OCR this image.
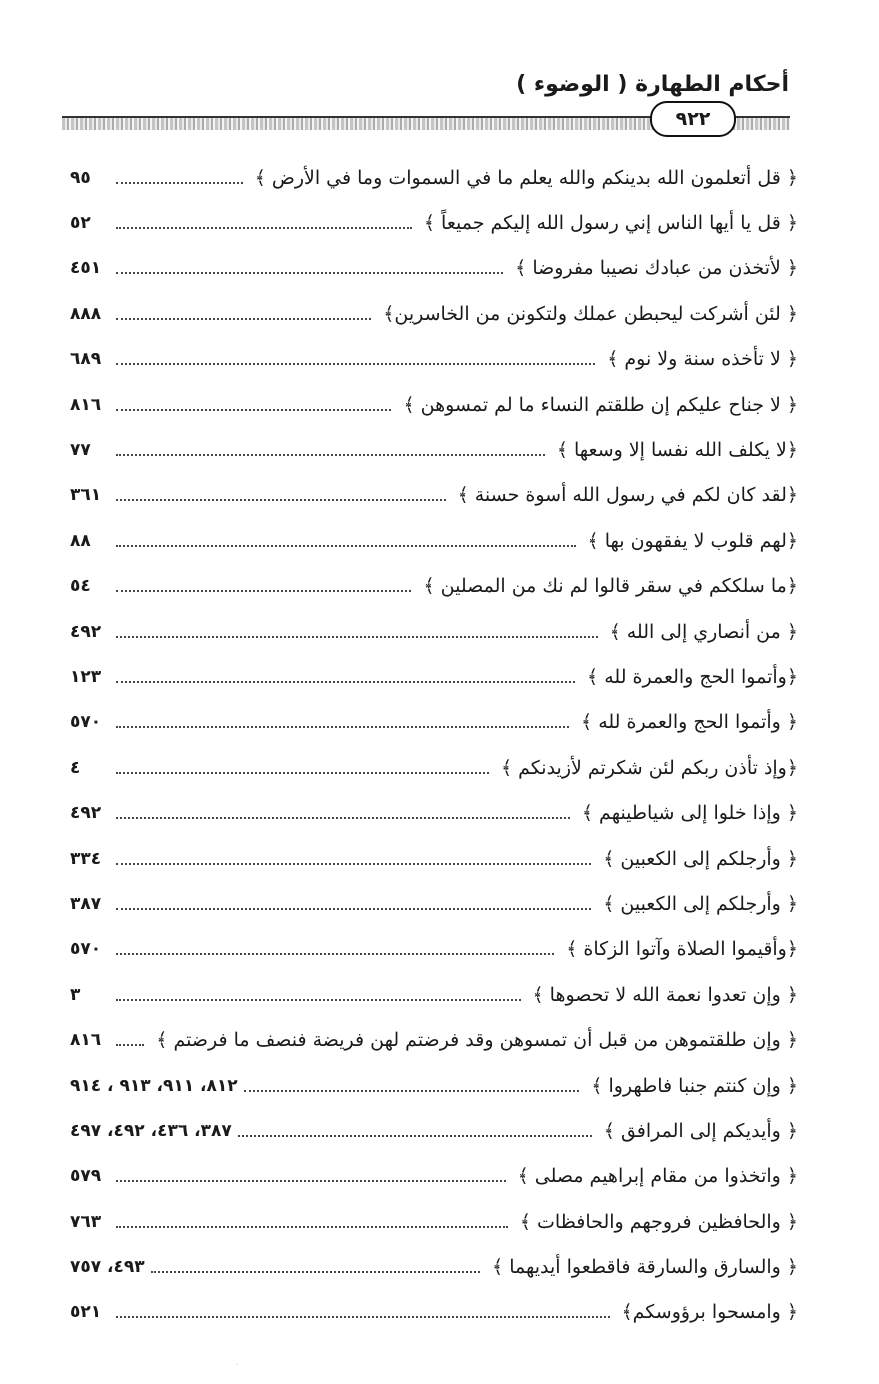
أحكام الطهارة ( الوضوء )
٩٢٢
﴿ قل أتعلمون الله بدينكم والله يعلم ما في السموات وما في الأرض ﴾
٩٥
﴿ قل يا أيها الناس إني رسول الله إليكم جميعاً ﴾
٥٢
﴿ لأتخذن من عبادك نصيبا مفروضا ﴾
٤٥١
﴿ لئن أشركت ليحبطن عملك ولتكونن من الخاسرين﴾
٨٨٨
﴿ لا تأخذه سنة ولا نوم ﴾
٦٨٩
﴿ لا جناح عليكم إن طلقتم النساء ما لم تمسوهن ﴾
٨١٦
﴿لا يكلف الله نفسا إلا وسعها ﴾
٧٧
﴿لقد كان لكم في رسول الله أسوة حسنة ﴾
٣٦١
﴿لهم قلوب لا يفقهون بها ﴾
٨٨
﴿ما سلككم في سقر قالوا لم نك من المصلين ﴾
٥٤
﴿ من أنصاري إلى الله ﴾
٤٩٢
﴿وأتموا الحج والعمرة لله ﴾
١٢٣
﴿ وأتموا الحج والعمرة لله ﴾
٥٧٠
﴿وإذ تأذن ربكم لئن شكرتم لأزيدنكم ﴾
٤
﴿ وإذا خلوا إلى شياطينهم ﴾
٤٩٢
﴿ وأرجلكم إلى الكعبين ﴾
٣٣٤
﴿ وأرجلكم إلى الكعبين ﴾
٣٨٧
﴿وأقيموا الصلاة وآتوا الزكاة ﴾
٥٧٠
﴿ وإن تعدوا نعمة الله لا تحصوها ﴾
٣
﴿ وإن طلقتموهن من قبل أن تمسوهن وقد فرضتم لهن فريضة فنصف ما فرضتم ﴾
٨١٦
﴿ وإن كنتم جنبا فاطهروا ﴾
٨١٢، ٩١١، ٩١٣ ، ٩١٤
﴿ وأيديكم إلى المرافق ﴾
٣٨٧، ٤٣٦، ٤٩٢، ٤٩٧
﴿ واتخذوا من مقام إبراهيم مصلى ﴾
٥٧٩
﴿ والحافظين فروجهم والحافظات ﴾
٧٦٣
﴿ والسارق والسارقة فاقطعوا أيديهما ﴾
٤٩٣، ٧٥٧
﴿ وامسحوا برؤوسكم﴾
٥٢١
·
